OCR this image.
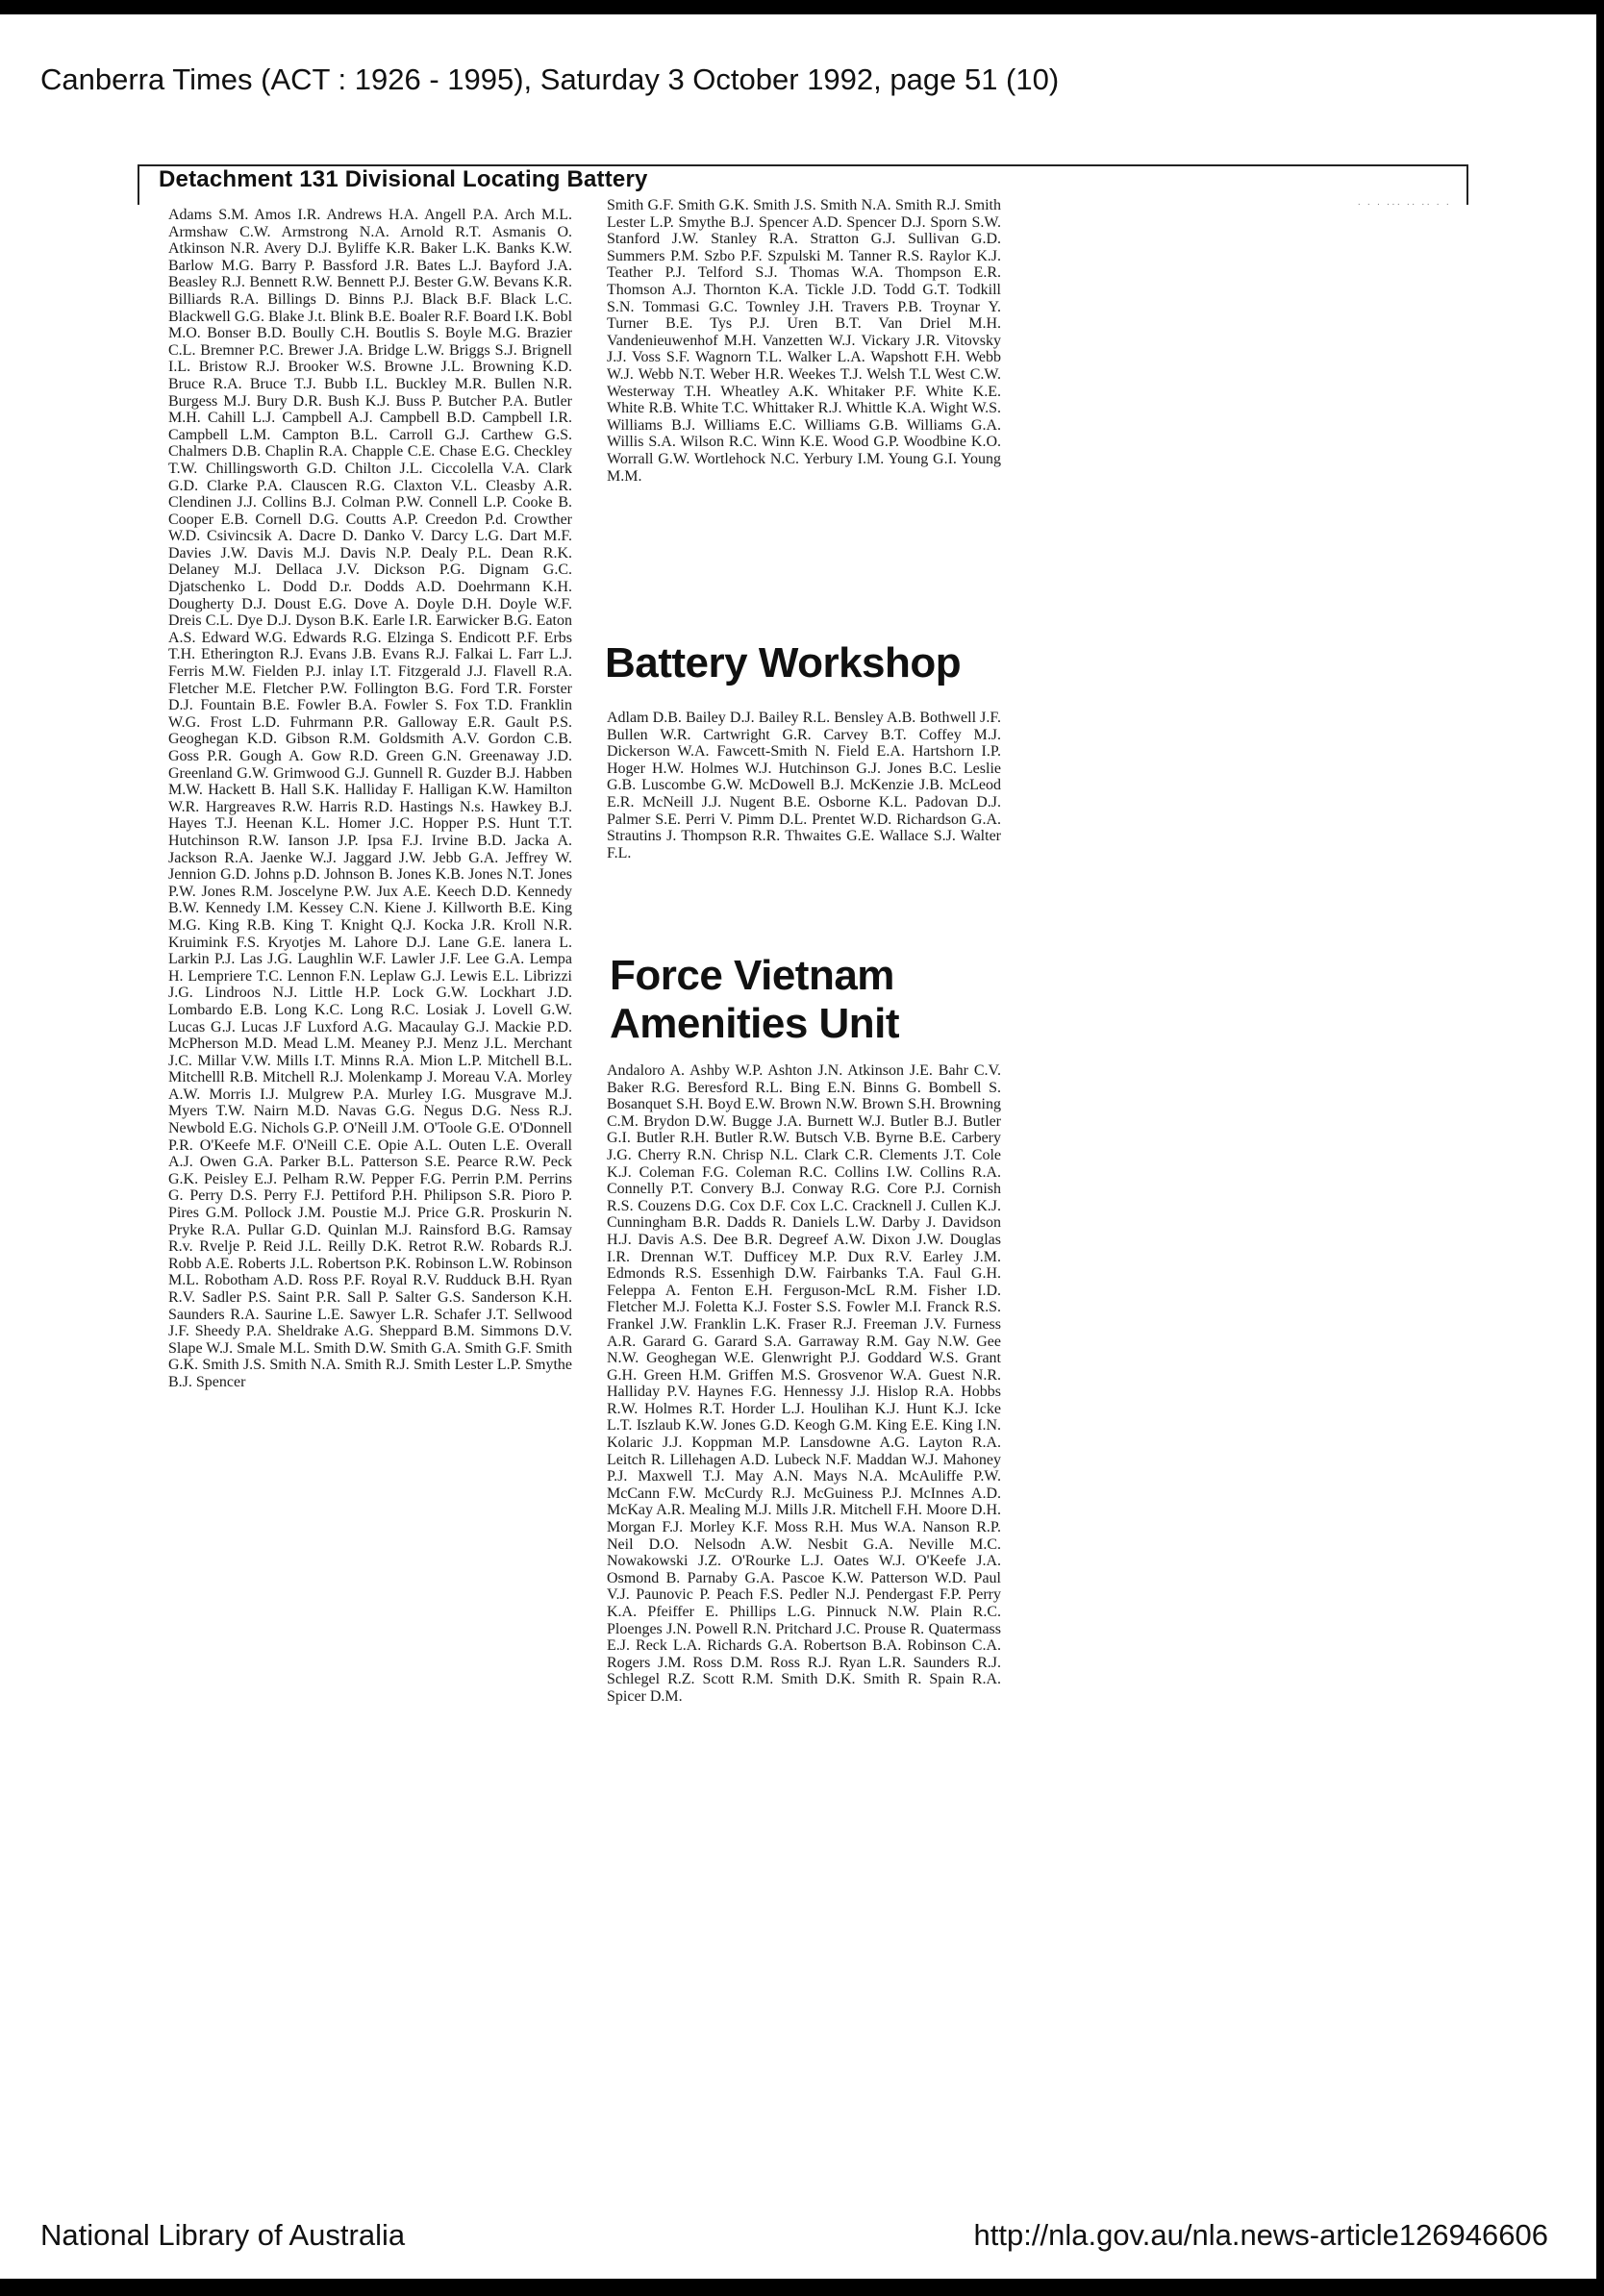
Canberra Times (ACT : 1926 - 1995), Saturday 3 October 1992, page 51 (10)
Detachment 131 Divisional Locating Battery
· · · ··· ·· ·· · ·
Adams S.M. Amos I.R. Andrews H.A. Angell P.A. Arch M.L. Armshaw C.W. Armstrong N.A. Arnold R.T. Asmanis O. Atkinson N.R. Avery D.J. Byliffe K.R. Baker L.K. Banks K.W. Barlow M.G. Barry P. Bassford J.R. Bates L.J. Bayford J.A. Beasley R.J. Bennett R.W. Bennett P.J. Bester G.W. Bevans K.R. Billiards R.A. Billings D. Binns P.J. Black B.F. Black L.C. Blackwell G.G. Blake J.t. Blink B.E. Boaler R.F. Board I.K. Bobl M.O. Bonser B.D. Boully C.H. Boutlis S. Boyle M.G. Brazier C.L. Bremner P.C. Brewer J.A. Bridge L.W. Briggs S.J. Brignell I.L. Bristow R.J. Brooker W.S. Browne J.L. Browning K.D. Bruce R.A. Bruce T.J. Bubb I.L. Buckley M.R. Bullen N.R. Burgess M.J. Bury D.R. Bush K.J. Buss P. Butcher P.A. Butler M.H. Cahill L.J. Campbell A.J. Campbell B.D. Campbell I.R. Campbell L.M. Campton B.L. Carroll G.J. Carthew G.S. Chalmers D.B. Chaplin R.A. Chapple C.E. Chase E.G. Checkley T.W. Chillingsworth G.D. Chilton J.L. Ciccolella V.A. Clark G.D. Clarke P.A. Clauscen R.G. Claxton V.L. Cleasby A.R. Clendinen J.J. Collins B.J. Colman P.W. Connell L.P. Cooke B. Cooper E.B. Cornell D.G. Coutts A.P. Creedon P.d. Crowther W.D. Csivincsik A. Dacre D. Danko V. Darcy L.G. Dart M.F. Davies J.W. Davis M.J. Davis N.P. Dealy P.L. Dean R.K. Delaney M.J. Dellaca J.V. Dickson P.G. Dignam G.C. Djatschenko L. Dodd D.r. Dodds A.D. Doehrmann K.H. Dougherty D.J. Doust E.G. Dove A. Doyle D.H. Doyle W.F. Dreis C.L. Dye D.J. Dyson B.K. Earle I.R. Earwicker B.G. Eaton A.S. Edward W.G. Edwards R.G. Elzinga S. Endicott P.F. Erbs T.H. Etherington R.J. Evans J.B. Evans R.J. Falkai L. Farr L.J. Ferris M.W. Fielden P.J. inlay I.T. Fitzgerald J.J. Flavell R.A. Fletcher M.E. Fletcher P.W. Follington B.G. Ford T.R. Forster D.J. Fountain B.E. Fowler B.A. Fowler S. Fox T.D. Franklin W.G. Frost L.D. Fuhrmann P.R. Galloway E.R. Gault P.S. Geoghegan K.D. Gibson R.M. Goldsmith A.V. Gordon C.B. Goss P.R. Gough A. Gow R.D. Green G.N. Greenaway J.D. Greenland G.W. Grimwood G.J. Gunnell R. Guzder B.J. Habben M.W. Hackett B. Hall S.K. Halliday F. Halligan K.W. Hamilton W.R. Hargreaves R.W. Harris R.D. Hastings N.s. Hawkey B.J. Hayes T.J. Heenan K.L. Homer J.C. Hopper P.S. Hunt T.T. Hutchinson R.W. Ianson J.P. Ipsa F.J. Irvine B.D. Jacka A. Jackson R.A. Jaenke W.J. Jaggard J.W. Jebb G.A. Jeffrey W. Jennion G.D. Johns p.D. Johnson B. Jones K.B. Jones N.T. Jones P.W. Jones R.M. Joscelyne P.W. Jux A.E. Keech D.D. Kennedy B.W. Kennedy I.M. Kessey C.N. Kiene J. Killworth B.E. King M.G. King R.B. King T. Knight Q.J. Kocka J.R. Kroll N.R. Kruimink F.S. Kryotjes M. Lahore D.J. Lane G.E. lanera L. Larkin P.J. Las J.G. Laughlin W.F. Lawler J.F. Lee G.A. Lempa H. Lempriere T.C. Lennon F.N. Leplaw G.J. Lewis E.L. Librizzi J.G. Lindroos N.J. Little H.P. Lock G.W. Lockhart J.D. Lombardo E.B. Long K.C. Long R.C. Losiak J. Lovell G.W. Lucas G.J. Lucas J.F Luxford A.G. Macaulay G.J. Mackie P.D. McPherson M.D. Mead L.M. Meaney P.J. Menz J.L. Merchant J.C. Millar V.W. Mills I.T. Minns R.A. Mion L.P. Mitchell B.L. Mitchelll R.B. Mitchell R.J. Molenkamp J. Moreau V.A. Morley A.W. Morris I.J. Mulgrew P.A. Murley I.G. Musgrave M.J. Myers T.W. Nairn M.D. Navas G.G. Negus D.G. Ness R.J. Newbold E.G. Nichols G.P. O'Neill J.M. O'Toole G.E. O'Donnell P.R. O'Keefe M.F. O'Neill C.E. Opie A.L. Outen L.E. Overall A.J. Owen G.A. Parker B.L. Patterson S.E. Pearce R.W. Peck G.K. Peisley E.J. Pelham R.W. Pepper F.G. Perrin P.M. Perrins G. Perry D.S. Perry F.J. Pettiford P.H. Philipson S.R. Pioro P. Pires G.M. Pollock J.M. Poustie M.J. Price G.R. Proskurin N. Pryke R.A. Pullar G.D. Quinlan M.J. Rainsford B.G. Ramsay R.v. Rvelje P. Reid J.L. Reilly D.K. Retrot R.W. Robards R.J. Robb A.E. Roberts J.L. Robertson P.K. Robinson L.W. Robinson M.L. Robotham A.D. Ross P.F. Royal R.V. Rudduck B.H. Ryan R.V. Sadler P.S. Saint P.R. Sall P. Salter G.S. Sanderson K.H. Saunders R.A. Saurine L.E. Sawyer L.R. Schafer J.T. Sellwood J.F. Sheedy P.A. Sheldrake A.G. Sheppard B.M. Simmons D.V. Slape W.J. Smale M.L. Smith D.W. Smith G.A. Smith G.F. Smith G.K. Smith J.S. Smith N.A. Smith R.J. Smith Lester L.P. Smythe B.J. Spencer
Smith G.F. Smith G.K. Smith J.S. Smith N.A. Smith R.J. Smith Lester L.P. Smythe B.J. Spencer A.D. Spencer D.J. Sporn S.W. Stanford J.W. Stanley R.A. Stratton G.J. Sullivan G.D. Summers P.M. Szbo P.F. Szpulski M. Tanner R.S. Raylor K.J. Teather P.J. Telford S.J. Thomas W.A. Thompson E.R. Thomson A.J. Thornton K.A. Tickle J.D. Todd G.T. Todkill S.N. Tommasi G.C. Townley J.H. Travers P.B. Troynar Y. Turner B.E. Tys P.J. Uren B.T. Van Driel M.H. Vandenieuwenhof M.H. Vanzetten W.J. Vickary J.R. Vitovsky J.J. Voss S.F. Wagnorn T.L. Walker L.A. Wapshott F.H. Webb W.J. Webb N.T. Weber H.R. Weekes T.J. Welsh T.L West C.W. Westerway T.H. Wheatley A.K. Whitaker P.F. White K.E. White R.B. White T.C. Whittaker R.J. Whittle K.A. Wight W.S. Williams B.J. Williams E.C. Williams G.B. Williams G.A. Willis S.A. Wilson R.C. Winn K.E. Wood G.P. Woodbine K.O. Worrall G.W. Wortlehock N.C. Yerbury I.M. Young G.I. Young M.M.
Battery Workshop
Adlam D.B. Bailey D.J. Bailey R.L. Bensley A.B. Bothwell J.F. Bullen W.R. Cartwright G.R. Carvey B.T. Coffey M.J. Dickerson W.A. Fawcett-Smith N. Field E.A. Hartshorn I.P. Hoger H.W. Holmes W.J. Hutchinson G.J. Jones B.C. Leslie G.B. Luscombe G.W. McDowell B.J. McKenzie J.B. McLeod E.R. McNeill J.J. Nugent B.E. Osborne K.L. Padovan D.J. Palmer S.E. Perri V. Pimm D.L. Prentet W.D. Richardson G.A. Strautins J. Thompson R.R. Thwaites G.E. Wallace S.J. Walter F.L.
Force Vietnam
Amenities Unit
Andaloro A. Ashby W.P. Ashton J.N. Atkinson J.E. Bahr C.V. Baker R.G. Beresford R.L. Bing E.N. Binns G. Bombell S. Bosanquet S.H. Boyd E.W. Brown N.W. Brown S.H. Browning C.M. Brydon D.W. Bugge J.A. Burnett W.J. Butler B.J. Butler G.I. Butler R.H. Butler R.W. Butsch V.B. Byrne B.E. Carbery J.G. Cherry R.N. Chrisp N.L. Clark C.R. Clements J.T. Cole K.J. Coleman F.G. Coleman R.C. Collins I.W. Collins R.A. Connelly P.T. Convery B.J. Conway R.G. Core P.J. Cornish R.S. Couzens D.G. Cox D.F. Cox L.C. Cracknell J. Cullen K.J. Cunningham B.R. Dadds R. Daniels L.W. Darby J. Davidson H.J. Davis A.S. Dee B.R. Degreef A.W. Dixon J.W. Douglas I.R. Drennan W.T. Dufficey M.P. Dux R.V. Earley J.M. Edmonds R.S. Essenhigh D.W. Fairbanks T.A. Faul G.H. Feleppa A. Fenton E.H. Ferguson-McL R.M. Fisher I.D. Fletcher M.J. Foletta K.J. Foster S.S. Fowler M.I. Franck R.S. Frankel J.W. Franklin L.K. Fraser R.J. Freeman J.V. Furness A.R. Garard G. Garard S.A. Garraway R.M. Gay N.W. Gee N.W. Geoghegan W.E. Glenwright P.J. Goddard W.S. Grant G.H. Green H.M. Griffen M.S. Grosvenor W.A. Guest N.R. Halliday P.V. Haynes F.G. Hennessy J.J. Hislop R.A. Hobbs R.W. Holmes R.T. Horder L.J. Houlihan K.J. Hunt K.J. Icke L.T. Iszlaub K.W. Jones G.D. Keogh G.M. King E.E. King I.N. Kolaric J.J. Koppman M.P. Lansdowne A.G. Layton R.A. Leitch R. Lillehagen A.D. Lubeck N.F. Maddan W.J. Mahoney P.J. Maxwell T.J. May A.N. Mays N.A. McAuliffe P.W. McCann F.W. McCurdy R.J. McGuiness P.J. McInnes A.D. McKay A.R. Mealing M.J. Mills J.R. Mitchell F.H. Moore D.H. Morgan F.J. Morley K.F. Moss R.H. Mus W.A. Nanson R.P. Neil D.O. Nelsodn A.W. Nesbit G.A. Neville M.C. Nowakowski J.Z. O'Rourke L.J. Oates W.J. O'Keefe J.A. Osmond B. Parnaby G.A. Pascoe K.W. Patterson W.D. Paul V.J. Paunovic P. Peach F.S. Pedler N.J. Pendergast F.P. Perry K.A. Pfeiffer E. Phillips L.G. Pinnuck N.W. Plain R.C. Ploenges J.N. Powell R.N. Pritchard J.C. Prouse R. Quatermass E.J. Reck L.A. Richards G.A. Robertson B.A. Robinson C.A. Rogers J.M. Ross D.M. Ross R.J. Ryan L.R. Saunders R.J. Schlegel R.Z. Scott R.M. Smith D.K. Smith R. Spain R.A. Spicer D.M.
National Library of Australia	http://nla.gov.au/nla.news-article126946606
